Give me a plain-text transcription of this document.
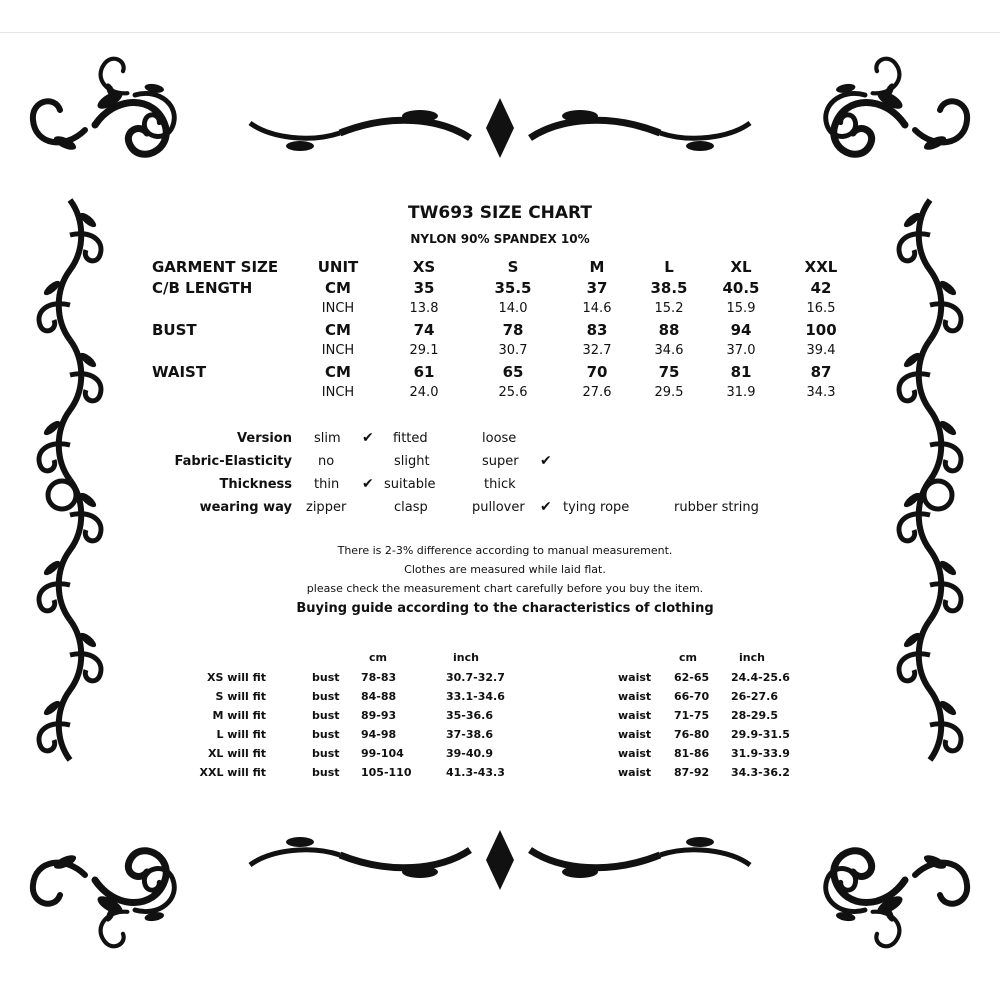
TW693 SIZE CHART
NYLON 90% SPANDEX 10%
GARMENT SIZE	UNIT	XS	S	M	L	XL	XXL
C/B LENGTH	CM	35	35.5	37	38.5	40.5	42
INCH	13.8	14.0	14.6	15.2	15.9	16.5
BUST	CM	74	78	83	88	94	100
INCH	29.1	30.7	32.7	34.6	37.0	39.4
WAIST	CM	61	65	70	75	81	87
INCH	24.0	25.6	27.6	29.5	31.9	34.3
Version slim ✔ fitted	loose
Fabric-Elasticity no	slight	super ✔
Thickness thin ✔ suitable	thick
wearing way zipper	clasp	pullover ✔ tying rope	rubber string
There is 2-3% difference according to manual measurement.
Clothes are measured while laid flat.
please check the measurement chart carefully before you buy the item.
Buying guide according to the characteristics of clothing
cm	inch	cm	inch
XS will fit	bust 78-83	30.7-32.7	waist 62-65 24.4-25.6
S will fit	bust 84-88	33.1-34.6	waist 66-70 26-27.6
M will fit	bust 89-93	35-36.6	waist 71-75 28-29.5
L will fit	bust 94-98	37-38.6	waist 76-80 29.9-31.5
XL will fit	bust 99-104	39-40.9	waist 81-86 31.9-33.9
XXL will fit	bust 105-110	41.3-43.3	waist 87-92 34.3-36.2
